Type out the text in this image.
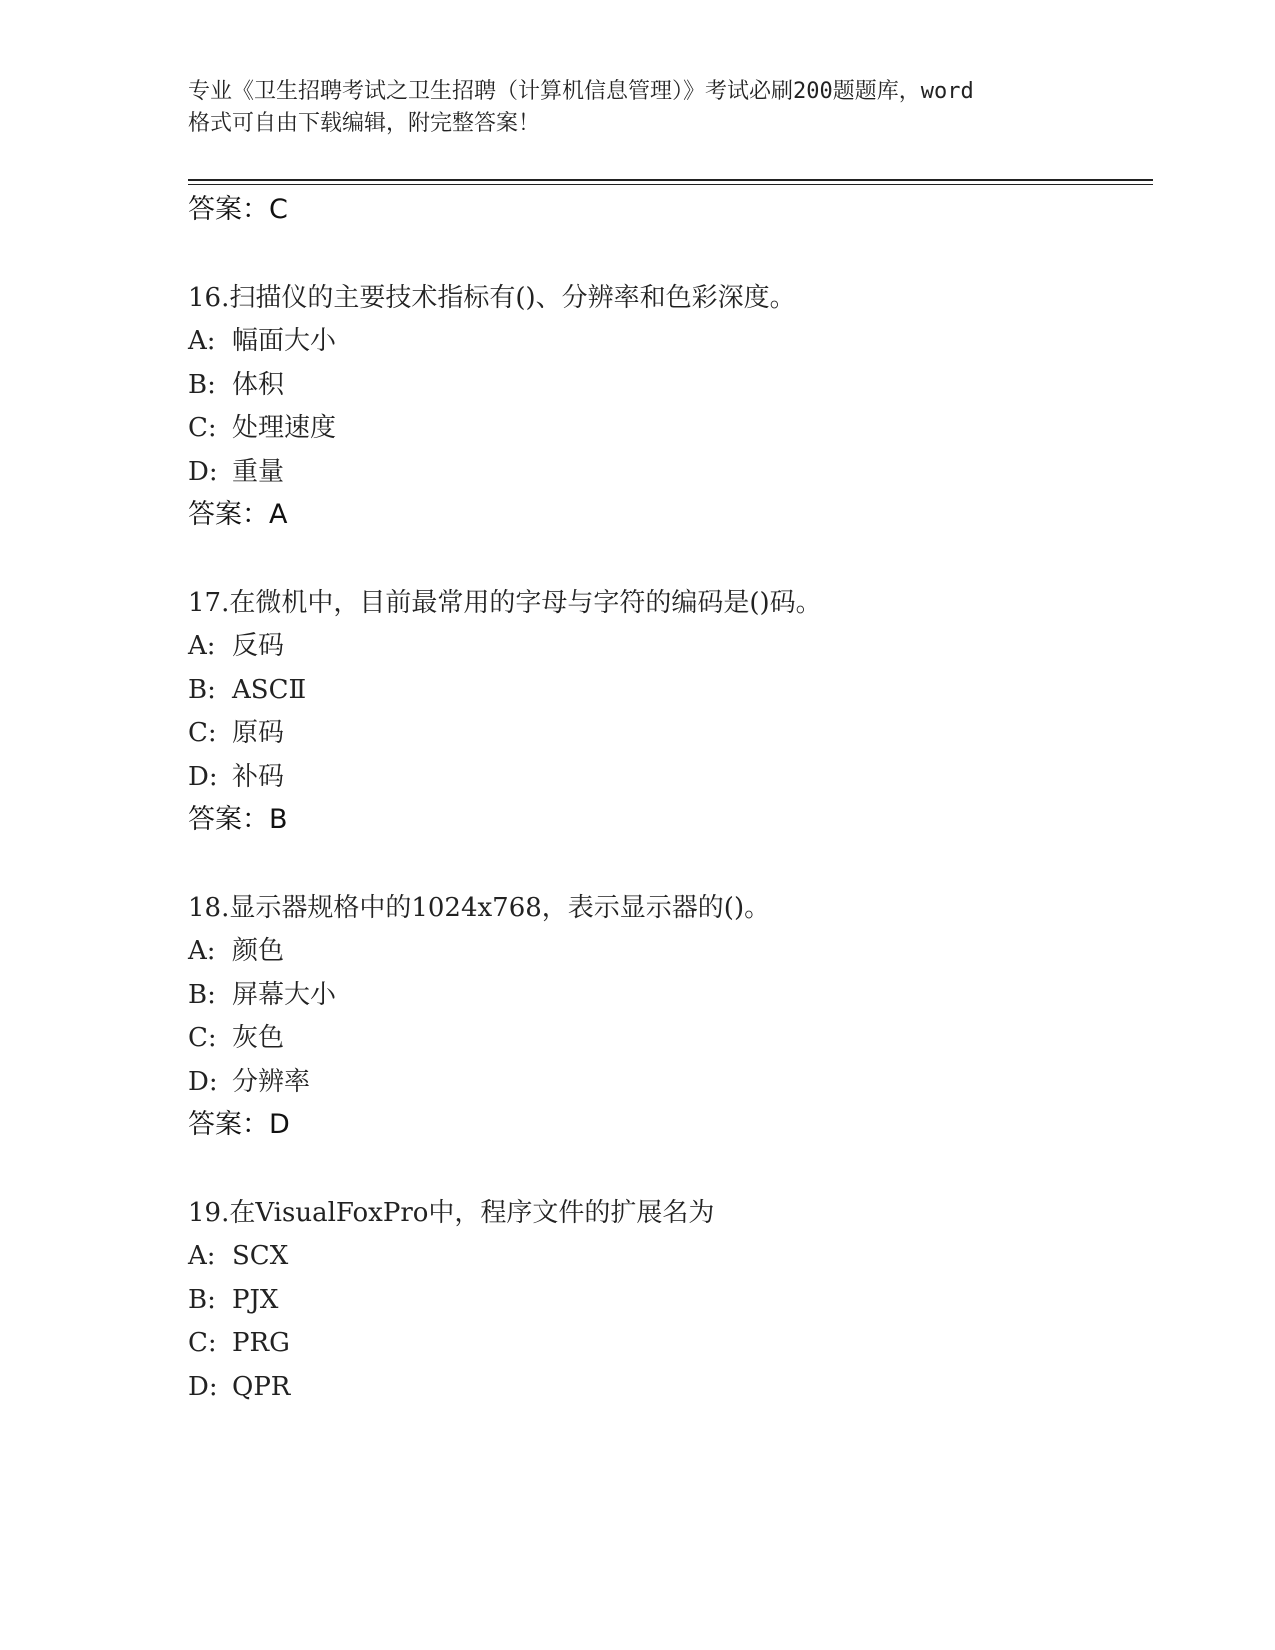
专业《卫生招聘考试之卫生招聘（计算机信息管理）》考试必刷200题题库，word
格式可自由下载编辑，附完整答案！
答案：C
16.扫描仪的主要技术指标有()、分辨率和色彩深度。
A: 幅面大小
B: 体积
C: 处理速度
D: 重量
答案：A
17.在微机中，目前最常用的字母与字符的编码是()码。
A: 反码
B: ASCⅡ
C: 原码
D: 补码
答案：B
18.显示器规格中的1024x768，表示显示器的()。
A: 颜色
B: 屏幕大小
C: 灰色
D: 分辨率
答案：D
19.在VisualFoxPro中，程序文件的扩展名为
A: SCX
B: PJX
C: PRG
D: QPR
